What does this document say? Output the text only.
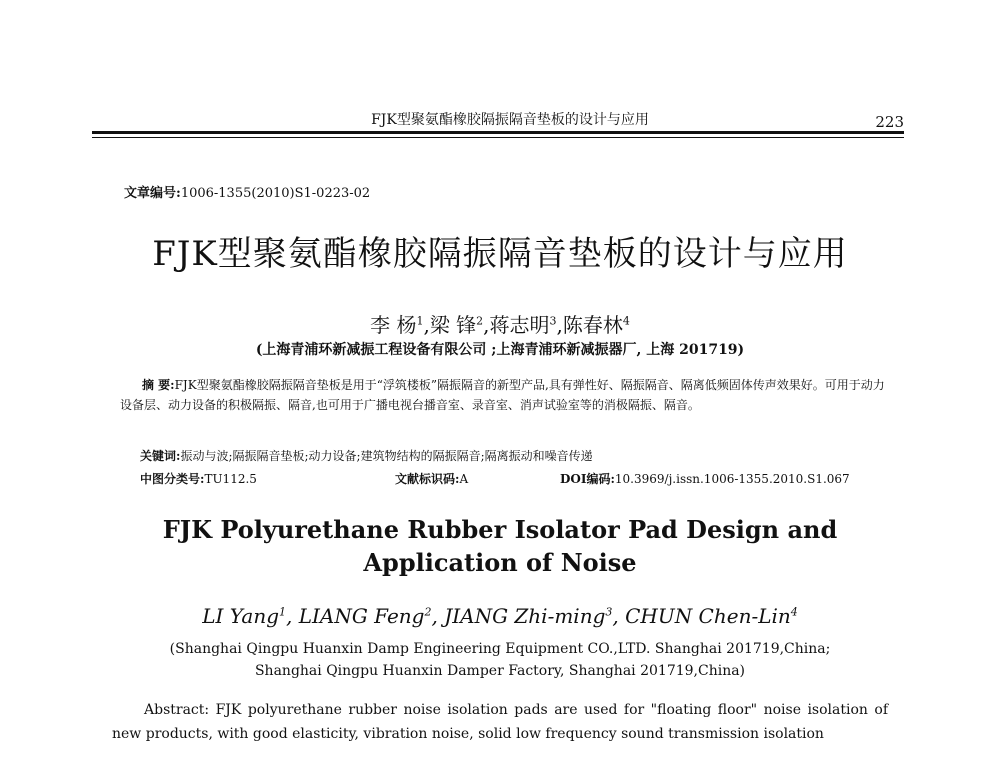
FJK型聚氨酯橡胶隔振隔音垫板的设计与应用	223
文章编号:1006-1355(2010)S1-0223-02
FJK型聚氨酯橡胶隔振隔音垫板的设计与应用
李 杨$^1$,梁 锋$^2$,蒋志明$^3$,陈春林$^4$
(上海青浦环新减振工程设备有限公司 ;上海青浦环新减振器厂, 上海 201719)

摘 要:FJK型聚氨酯橡胶隔振隔音垫板是用于“浮筑楼板”隔振隔音的新型产品,具有弹性好、隔振隔音、隔离低频固体传声效果好。可用于动力设备层、动力设备的积极隔振、隔音,也可用于广播电视台播音室、录音室、消声试验室等的消极隔振、隔音。

关键词:振动与波;隔振隔音垫板;动力设备;建筑物结构的隔振隔音;隔离振动和噪音传递
中图分类号:TU112.5	文献标识码:A	DOI编码:10.3969/j.issn.1006-1355.2010.S1.067
FJK Polyurethane Rubber Isolator Pad Design and
Application of Noise
LI Yang$^1$, LIANG Feng$^2$, JIANG Zhi-ming$^3$, CHUN Chen-Lin$^4$

(Shanghai Qingpu Huanxin Damp Engineering Equipment CO.,LTD. Shanghai 201719,China;
Shanghai Qingpu Huanxin Damper Factory, Shanghai 201719,China)

Abstract: FJK polyurethane rubber noise isolation pads are used for "floating floor" noise isolation of new products, with good elasticity, vibration noise, solid low frequency sound transmission isolation
